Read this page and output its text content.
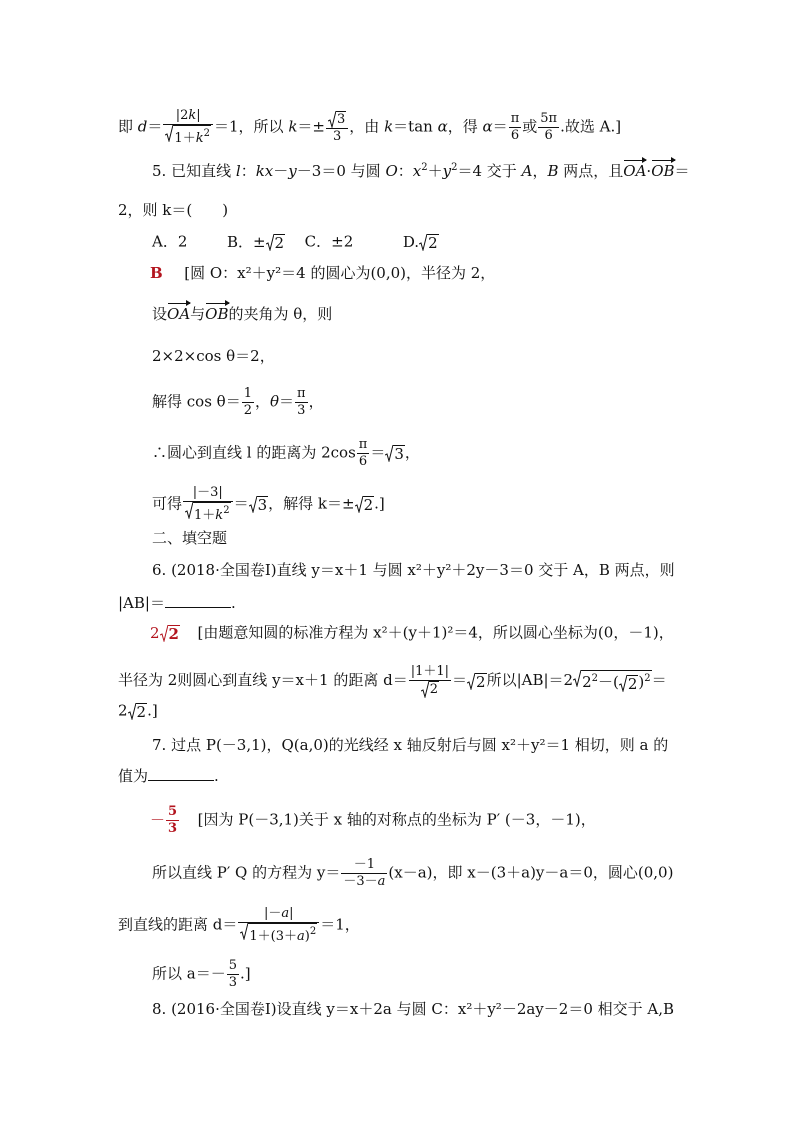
即 $d= \frac{|2k|}{1+k^2} =1$，所以 $k=\pm \frac{3}{3}$ ，由 k＝tan α，得 $\alpha= \frac{\pi}{6}$ 或 $\frac{5\pi}{6}$ .故选 A.]
5. 已知直线 l：kx－y－3＝0 与圆 O：$x^2+y^2=4$ 交于 A，B 两点，且OA·OB＝
2，则 k＝(　　)
A．2	B．± 2 C．±2	D. 2
B [圆 O：x²＋y²＝4 的圆心为(0,0)，半径为 2，
设OA与OB的夹角为 θ，则
2×2×cos θ＝2，
解得 $\cos \theta= \frac{1}{2}$ ，$\theta= \frac{\pi}{3}$ ，
∴圆心到直线 l 的距离为 $2\cos \frac{\pi}{6} = 3$ ，
可得 $\frac{|-3|}{1+k^2} = 3$ ，解得 k＝± 2 .]
二、填空题
6. (2018·全国卷Ⅰ)直线 y＝x＋1 与圆 x²＋y²＋2y－3＝0 交于 A，B 两点，则
|AB|＝	.
2 2 [由题意知圆的标准方程为 x²＋(y＋1)²＝4，所以圆心坐标为(0，－1)，
半径为 2则圆心到直线 y＝x＋1 的距离 $d= \frac{|1+1|}{2} = 2$ 所以|AB|＝2 $2^2-$( 2 )$^2$ ＝
2 2 .]
7. 过点 P(－3,1)，Q(a,0)的光线经 x 轴反射后与圆 x²＋y²＝1 相切，则 a 的
值为	.
－ $\frac{5}{3}$ [因为 P(－3,1)关于 x 轴的对称点的坐标为 P′ (－3，－1)，
所以直线 P′ Q 的方程为 $y= \frac{-1}{-3-a} (x-a)$，即 x－(3＋a)y－a＝0，圆心(0,0)
到直线的距离 $d= \frac{|-a|}{1+(3+a)^2} =1$，
所以 $a=- \frac{5}{3}$ .]
8. (2016·全国卷Ⅰ)设直线 y＝x＋2a 与圆 C：x²＋y²－2ay－2＝0 相交于 A,B
